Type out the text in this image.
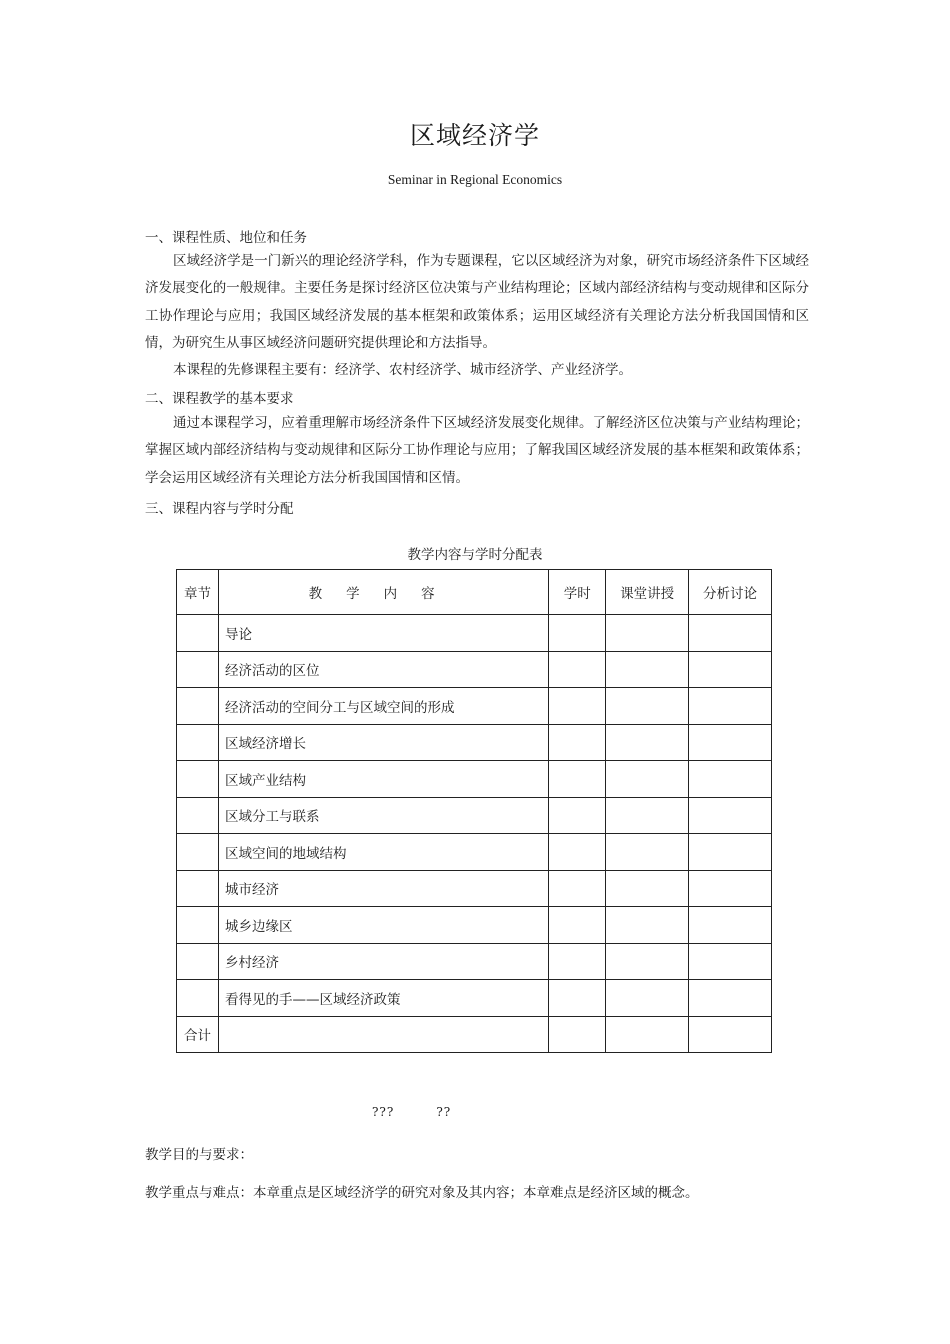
区域经济学
Seminar in Regional Economics
一、课程性质、地位和任务

区域经济学是一门新兴的理论经济学科，作为专题课程，它以区域经济为对象，研究市场经济条件下区域经济发展变化的一般规律。主要任务是探讨经济区位决策与产业结构理论；区域内部经济结构与变动规律和区际分工协作理论与应用；我国区域经济发展的基本框架和政策体系；运用区域经济有关理论方法分析我国国情和区情，为研究生从事区域经济问题研究提供理论和方法指导。

本课程的先修课程主要有：经济学、农村经济学、城市经济学、产业经济学。

二、课程教学的基本要求

通过本课程学习，应着重理解市场经济条件下区域经济发展变化规律。了解经济区位决策与产业结构理论；掌握区域内部经济结构与变动规律和区际分工协作理论与应用；了解我国区域经济发展的基本框架和政策体系；学会运用区域经济有关理论方法分析我国国情和区情。

三、课程内容与学时分配
教学内容与学时分配表
章节	教学内容	学时	课堂讲授	分析讨论
	导论			
	经济活动的区位			
	经济活动的空间分工与区域空间的形成			
	区域经济增长			
	区域产业结构			
	区域分工与联系			
	区域空间的地域结构			
	城市经济			
	城乡边缘区			
	乡村经济			
	看得见的手——区域经济政策			
合计				
???	??
教学目的与要求：
教学重点与难点：本章重点是区域经济学的研究对象及其内容；本章难点是经济区域的概念。
